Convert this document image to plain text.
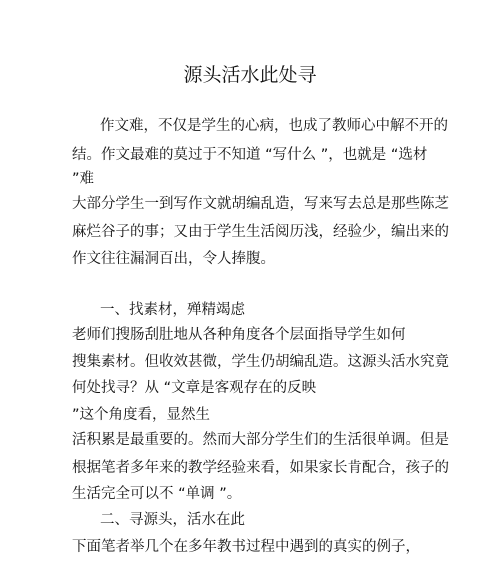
源头活水此处寻
作文难，不仅是学生的心病，也成了教师心中解不开的
结。作文最难的莫过于不知道 “写什么 ”，也就是 “选材
”难
大部分学生一到写作文就胡编乱造，写来写去总是那些陈芝
麻烂谷子的事；又由于学生生活阅历浅，经验少，编出来的
作文往往漏洞百出，令人捧腹。
一、找素材，殚精竭虑
老师们搜肠刮肚地从各种角度各个层面指导学生如何
搜集素材。但收效甚微，学生仍胡编乱造。这源头活水究竟
何处找寻？从 “文章是客观存在的反映
”这个角度看，显然生
活积累是最重要的。然而大部分学生们的生活很单调。但是
根据笔者多年来的教学经验来看，如果家长肯配合，孩子的
生活完全可以不 “单调 ”。
二、寻源头，活水在此
下面笔者举几个在多年教书过程中遇到的真实的例子，
